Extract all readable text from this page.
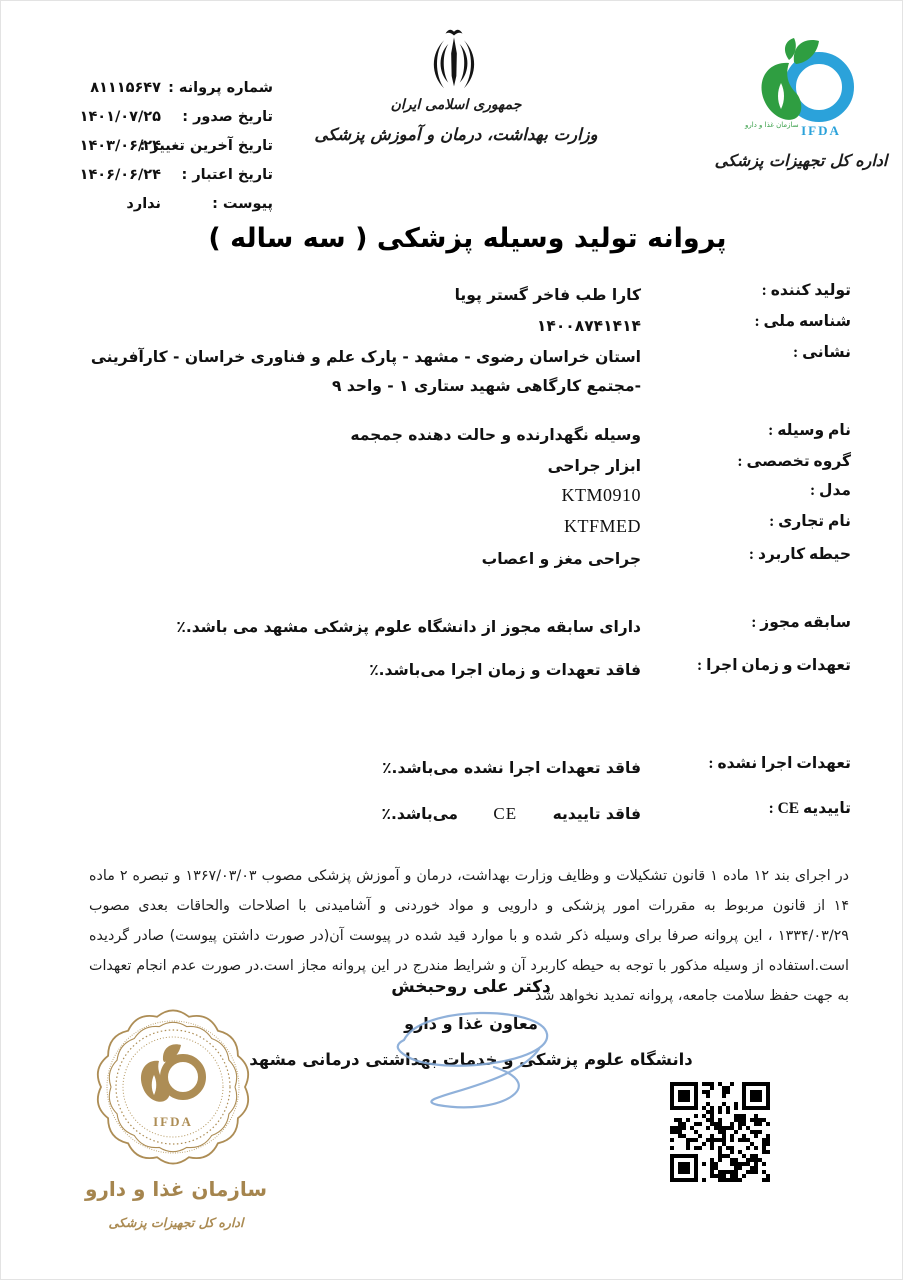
شماره پروانه :
۸۱۱۱۵۶۴۷
تاریخ صدور :
۱۴۰۱/۰۷/۲۵
تاریخ آخرین تغییر :
۱۴۰۳/۰۶/۲۴
تاریخ اعتبار :
۱۴۰۶/۰۶/۲۴
پیوست :
ندارد
جمهوری اسلامی ایران
وزارت بهداشت، درمان و آموزش پزشکی	IFDA
سازمان غذا و دارو
اداره کل تجهیزات پزشکی
پروانه تولید وسیله پزشکی ( سه ساله )
تولید کننده :
کارا طب فاخر گستر پویا
شناسه ملی :
۱۴۰۰۸۷۴۱۴۱۴
نشانی :
استان خراسان رضوی - مشهد - پارک علم و فناوری خراسان - کارآفرینی -مجتمع کارگاهی شهید ستاری ۱ - واحد ۹
نام وسیله :
وسیله نگهدارنده و حالت دهنده جمجمه
گروه تخصصی :
ابزار جراحی
مدل :
KTM0910
نام تجاری :
KTFMED
حیطه کاربرد :
جراحی مغز و اعصاب
سابقه مجوز :
دارای سابقه مجوز از دانشگاه علوم پزشکی مشهد می باشد.٪
تعهدات و زمان اجرا :
فاقد تعهدات و زمان اجرا می‌باشد.٪
تعهدات اجرا نشده :
فاقد تعهدات اجرا نشده می‌باشد.٪
تاییدیه CE :
فاقد تاییدیه CE می‌باشد.٪
در اجرای بند ۱۲ ماده ۱ قانون تشکیلات و وظایف وزارت بهداشت، درمان و آموزش پزشکی مصوب ۱۳۶۷/۰۳/۰۳ و تبصره ۲ ماده ۱۴ از قانون مربوط به مقررات امور پزشکی و دارویی و مواد خوردنی و آشامیدنی با اصلاحات والحاقات بعدی مصوب ۱۳۳۴/۰۳/۲۹ ، این پروانه صرفا برای وسیله ذکر شده و با موارد قید شده در پیوست آن(در صورت داشتن پیوست) صادر گردیده است.استفاده از وسیله مذکور با توجه به حیطه کاربرد آن و شرایط مندرج در این پروانه مجاز است.در صورت عدم انجام تعهدات به جهت حفظ سلامت جامعه، پروانه تمدید نخواهد شد
دکتر علی روحبخش
معاون غذا و دارو
دانشگاه علوم پزشکی و خدمات بهداشتی درمانی مشهد
IFDA
سازمان غذا و دارو
اداره کل تجهیزات پزشکی
